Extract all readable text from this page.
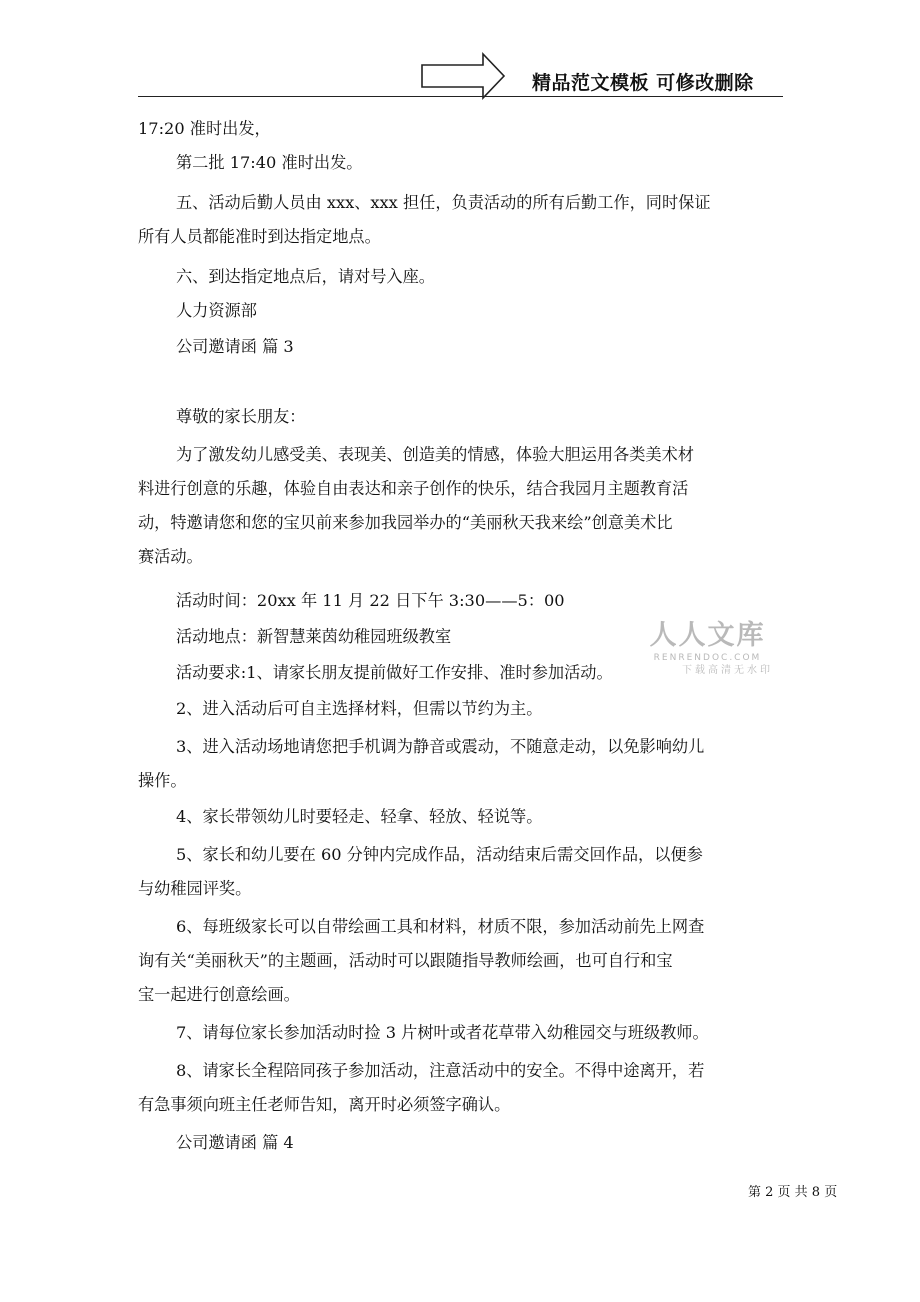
精品范文模板 可修改删除

17:20 准时出发，

第二批 17:40 准时出发。

五、活动后勤人员由 xxx、xxx 担任，负责活动的所有后勤工作，同时保证
所有人员都能准时到达指定地点。

六、到达指定地点后，请对号入座。

人力资源部

公司邀请函 篇 3

尊敬的家长朋友：

为了激发幼儿感受美、表现美、创造美的情感，体验大胆运用各类美术材
料进行创意的乐趣，体验自由表达和亲子创作的快乐，结合我园月主题教育活
动，特邀请您和您的宝贝前来参加我园举办的“美丽秋天我来绘”创意美术比
赛活动。

活动时间：20xx 年 11 月 22 日下午 3:30——5：00

活动地点：新智慧莱茵幼稚园班级教室

活动要求:1、请家长朋友提前做好工作安排、准时参加活动。

2、进入活动后可自主选择材料，但需以节约为主。

3、进入活动场地请您把手机调为静音或震动，不随意走动，以免影响幼儿
操作。

4、家长带领幼儿时要轻走、轻拿、轻放、轻说等。

5、家长和幼儿要在 60 分钟内完成作品，活动结束后需交回作品，以便参
与幼稚园评奖。

6、每班级家长可以自带绘画工具和材料，材质不限，参加活动前先上网查
询有关“美丽秋天”的主题画，活动时可以跟随指导教师绘画，也可自行和宝
宝一起进行创意绘画。

7、请每位家长参加活动时捡 3 片树叶或者花草带入幼稚园交与班级教师。

8、请家长全程陪同孩子参加活动，注意活动中的安全。不得中途离开，若
有急事须向班主任老师告知，离开时必须签字确认。

公司邀请函 篇 4

人人文库
RENRENDOC.COM
下载高清无水印
第 2 页 共 8 页
